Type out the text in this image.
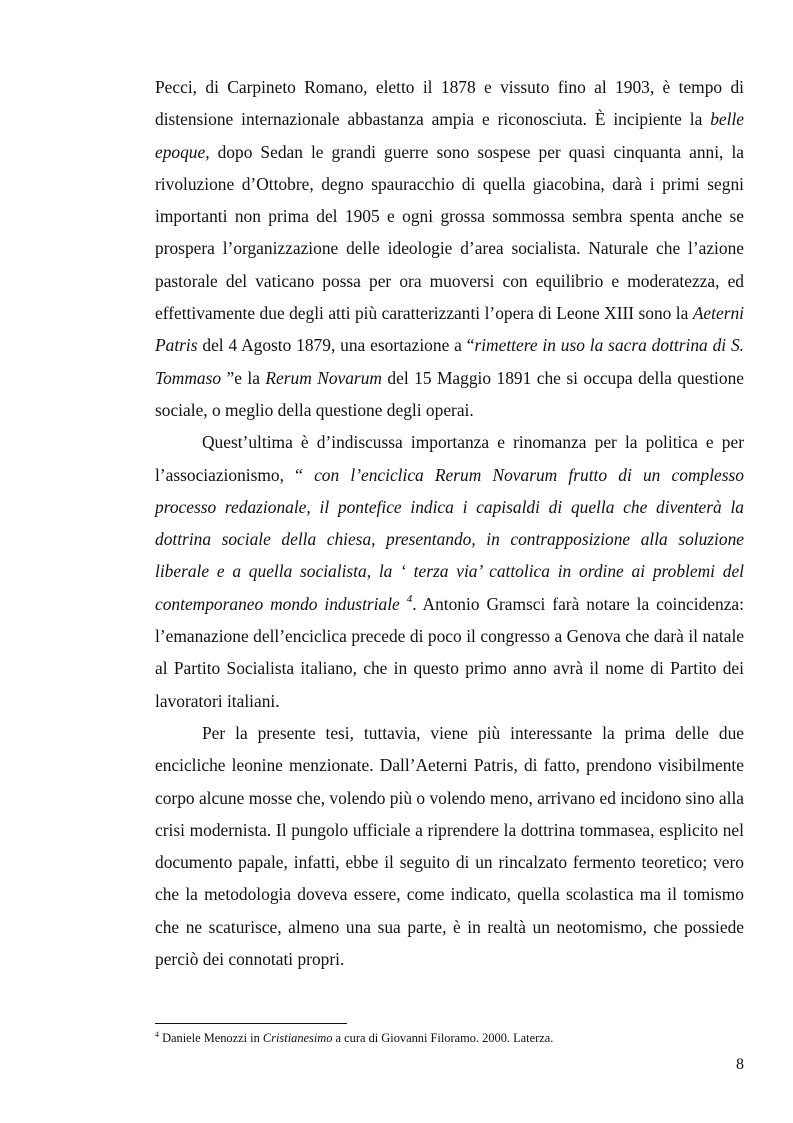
Pecci, di Carpineto Romano, eletto il 1878 e vissuto fino al 1903, è tempo di distensione internazionale abbastanza ampia e riconosciuta. È incipiente la belle epoque, dopo Sedan le grandi guerre sono sospese per quasi cinquanta anni, la rivoluzione d’Ottobre, degno spauracchio di quella giacobina, darà i primi segni importanti non prima del 1905 e ogni grossa sommossa sembra spenta anche se prospera l’organizzazione delle ideologie d’area socialista. Naturale che l’azione pastorale del vaticano possa per ora muoversi con equilibrio e moderatezza, ed effettivamente due degli atti più caratterizzanti l’opera di Leone XIII sono la Aeterni Patris del 4 Agosto 1879, una esortazione a “rimettere in uso la sacra dottrina di S. Tommaso ”e la Rerum Novarum del 15 Maggio 1891 che si occupa della questione sociale, o meglio della questione degli operai.

Quest’ultima è d’indiscussa importanza e rinomanza per la politica e per l’associazionismo, “ con l’enciclica Rerum Novarum frutto di un complesso processo redazionale, il pontefice indica i capisaldi di quella che diventerà la dottrina sociale della chiesa, presentando, in contrapposizione alla soluzione liberale e a quella socialista, la ‘ terza via’ cattolica in ordine ai problemi del contemporaneo mondo industriale $^4$. Antonio Gramsci farà notare la coincidenza: l’emanazione dell’enciclica precede di poco il congresso a Genova che darà il natale al Partito Socialista italiano, che in questo primo anno avrà il nome di Partito dei lavoratori italiani.

Per la presente tesi, tuttavia, viene più interessante la prima delle due encicliche leonine menzionate. Dall’Aeterni Patris, di fatto, prendono visibilmente corpo alcune mosse che, volendo più o volendo meno, arrivano ed incidono sino alla crisi modernista. Il pungolo ufficiale a riprendere la dottrina tommasea, esplicito nel documento papale, infatti, ebbe il seguito di un rincalzato fermento teoretico; vero che la metodologia doveva essere, come indicato, quella scolastica ma il tomismo che ne scaturisce, almeno una sua parte, è in realtà un neotomismo, che possiede perciò dei connotati propri.

$^4$ Daniele Menozzi in Cristianesimo a cura di Giovanni Filoramo. 2000. Laterza.
8
